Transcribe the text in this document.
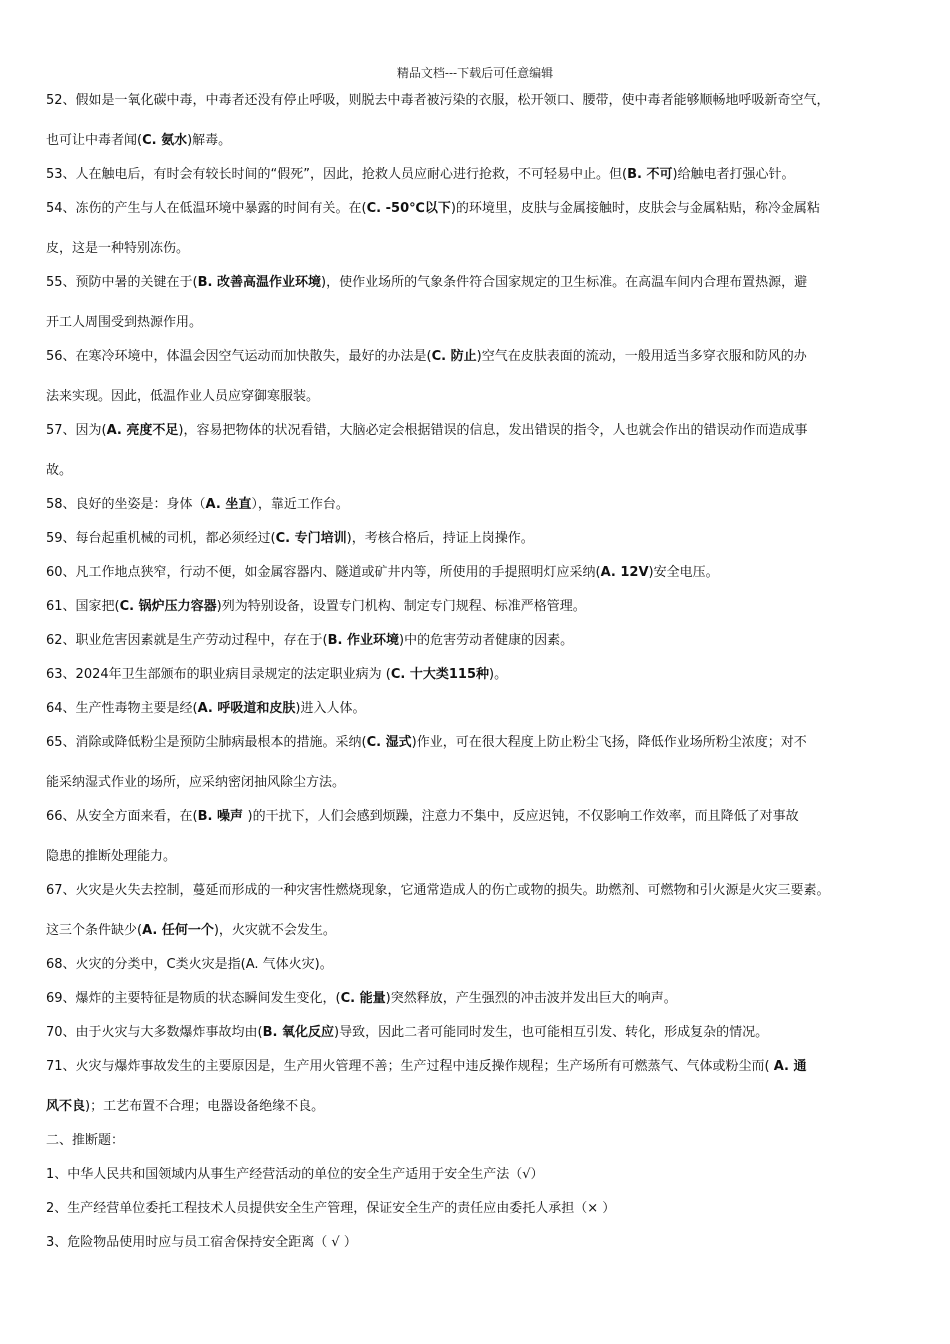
精品文档---下载后可任意编辑
52、假如是一氧化碳中毒，中毒者还没有停止呼吸，则脱去中毒者被污染的衣服，松开领口、腰带，使中毒者能够顺畅地呼吸新奇空气，
也可让中毒者闻(C. 氨水)解毒。
53、人在触电后，有时会有较长时间的“假死”，因此，抢救人员应耐心进行抢救，不可轻易中止。但(B. 不可)给触电者打强心针。
54、冻伤的产生与人在低温环境中暴露的时间有关。在(C. -50℃以下)的环境里，皮肤与金属接触时，皮肤会与金属粘贴，称冷金属粘
皮，这是一种特别冻伤。
55、预防中暑的关键在于(B. 改善高温作业环境)，使作业场所的气象条件符合国家规定的卫生标准。在高温车间内合理布置热源，避
开工人周围受到热源作用。
56、在寒冷环境中，体温会因空气运动而加快散失，最好的办法是(C. 防止)空气在皮肤表面的流动，一般用适当多穿衣服和防风的办
法来实现。因此，低温作业人员应穿御寒服装。
57、因为(A. 亮度不足)，容易把物体的状况看错，大脑必定会根据错误的信息，发出错误的指令，人也就会作出的错误动作而造成事
故。
58、良好的坐姿是：身体（A. 坐直），靠近工作台。
59、每台起重机械的司机，都必须经过(C. 专门培训)，考核合格后，持证上岗操作。
60、凡工作地点狭窄，行动不便，如金属容器内、隧道或矿井内等，所使用的手提照明灯应采纳(A. 12V)安全电压。
61、国家把(C. 锅炉压力容器)列为特别设备，设置专门机构、制定专门规程、标准严格管理。
62、职业危害因素就是生产劳动过程中，存在于(B. 作业环境)中的危害劳动者健康的因素。
63、2024年卫生部颁布的职业病目录规定的法定职业病为 (C. 十大类115种)。
64、生产性毒物主要是经(A. 呼吸道和皮肤)进入人体。
65、消除或降低粉尘是预防尘肺病最根本的措施。采纳(C. 湿式)作业，可在很大程度上防止粉尘飞扬，降低作业场所粉尘浓度；对不
能采纳湿式作业的场所，应采纳密闭抽风除尘方法。
66、从安全方面来看，在(B. 噪声 )的干扰下，人们会感到烦躁，注意力不集中，反应迟钝，不仅影响工作效率，而且降低了对事故
隐患的推断处理能力。
67、火灾是火失去控制，蔓延而形成的一种灾害性燃烧现象，它通常造成人的伤亡或物的损失。助燃剂、可燃物和引火源是火灾三要素。
这三个条件缺少(A. 任何一个)，火灾就不会发生。
68、火灾的分类中，C类火灾是指(A. 气体火灾)。
69、爆炸的主要特征是物质的状态瞬间发生变化，(C. 能量)突然释放，产生强烈的冲击波并发出巨大的响声。
70、由于火灾与大多数爆炸事故均由(B. 氧化反应)导致，因此二者可能同时发生，也可能相互引发、转化，形成复杂的情况。
71、火灾与爆炸事故发生的主要原因是，生产用火管理不善；生产过程中违反操作规程；生产场所有可燃蒸气、气体或粉尘而( A. 通
风不良)；工艺布置不合理；电器设备绝缘不良。
二、推断题：
1、中华人民共和国领域内从事生产经营活动的单位的安全生产适用于安全生产法（√）
2、生产经营单位委托工程技术人员提供安全生产管理，保证安全生产的责任应由委托人承担（× ）
3、危险物品使用时应与员工宿舍保持安全距离（ √ ）
